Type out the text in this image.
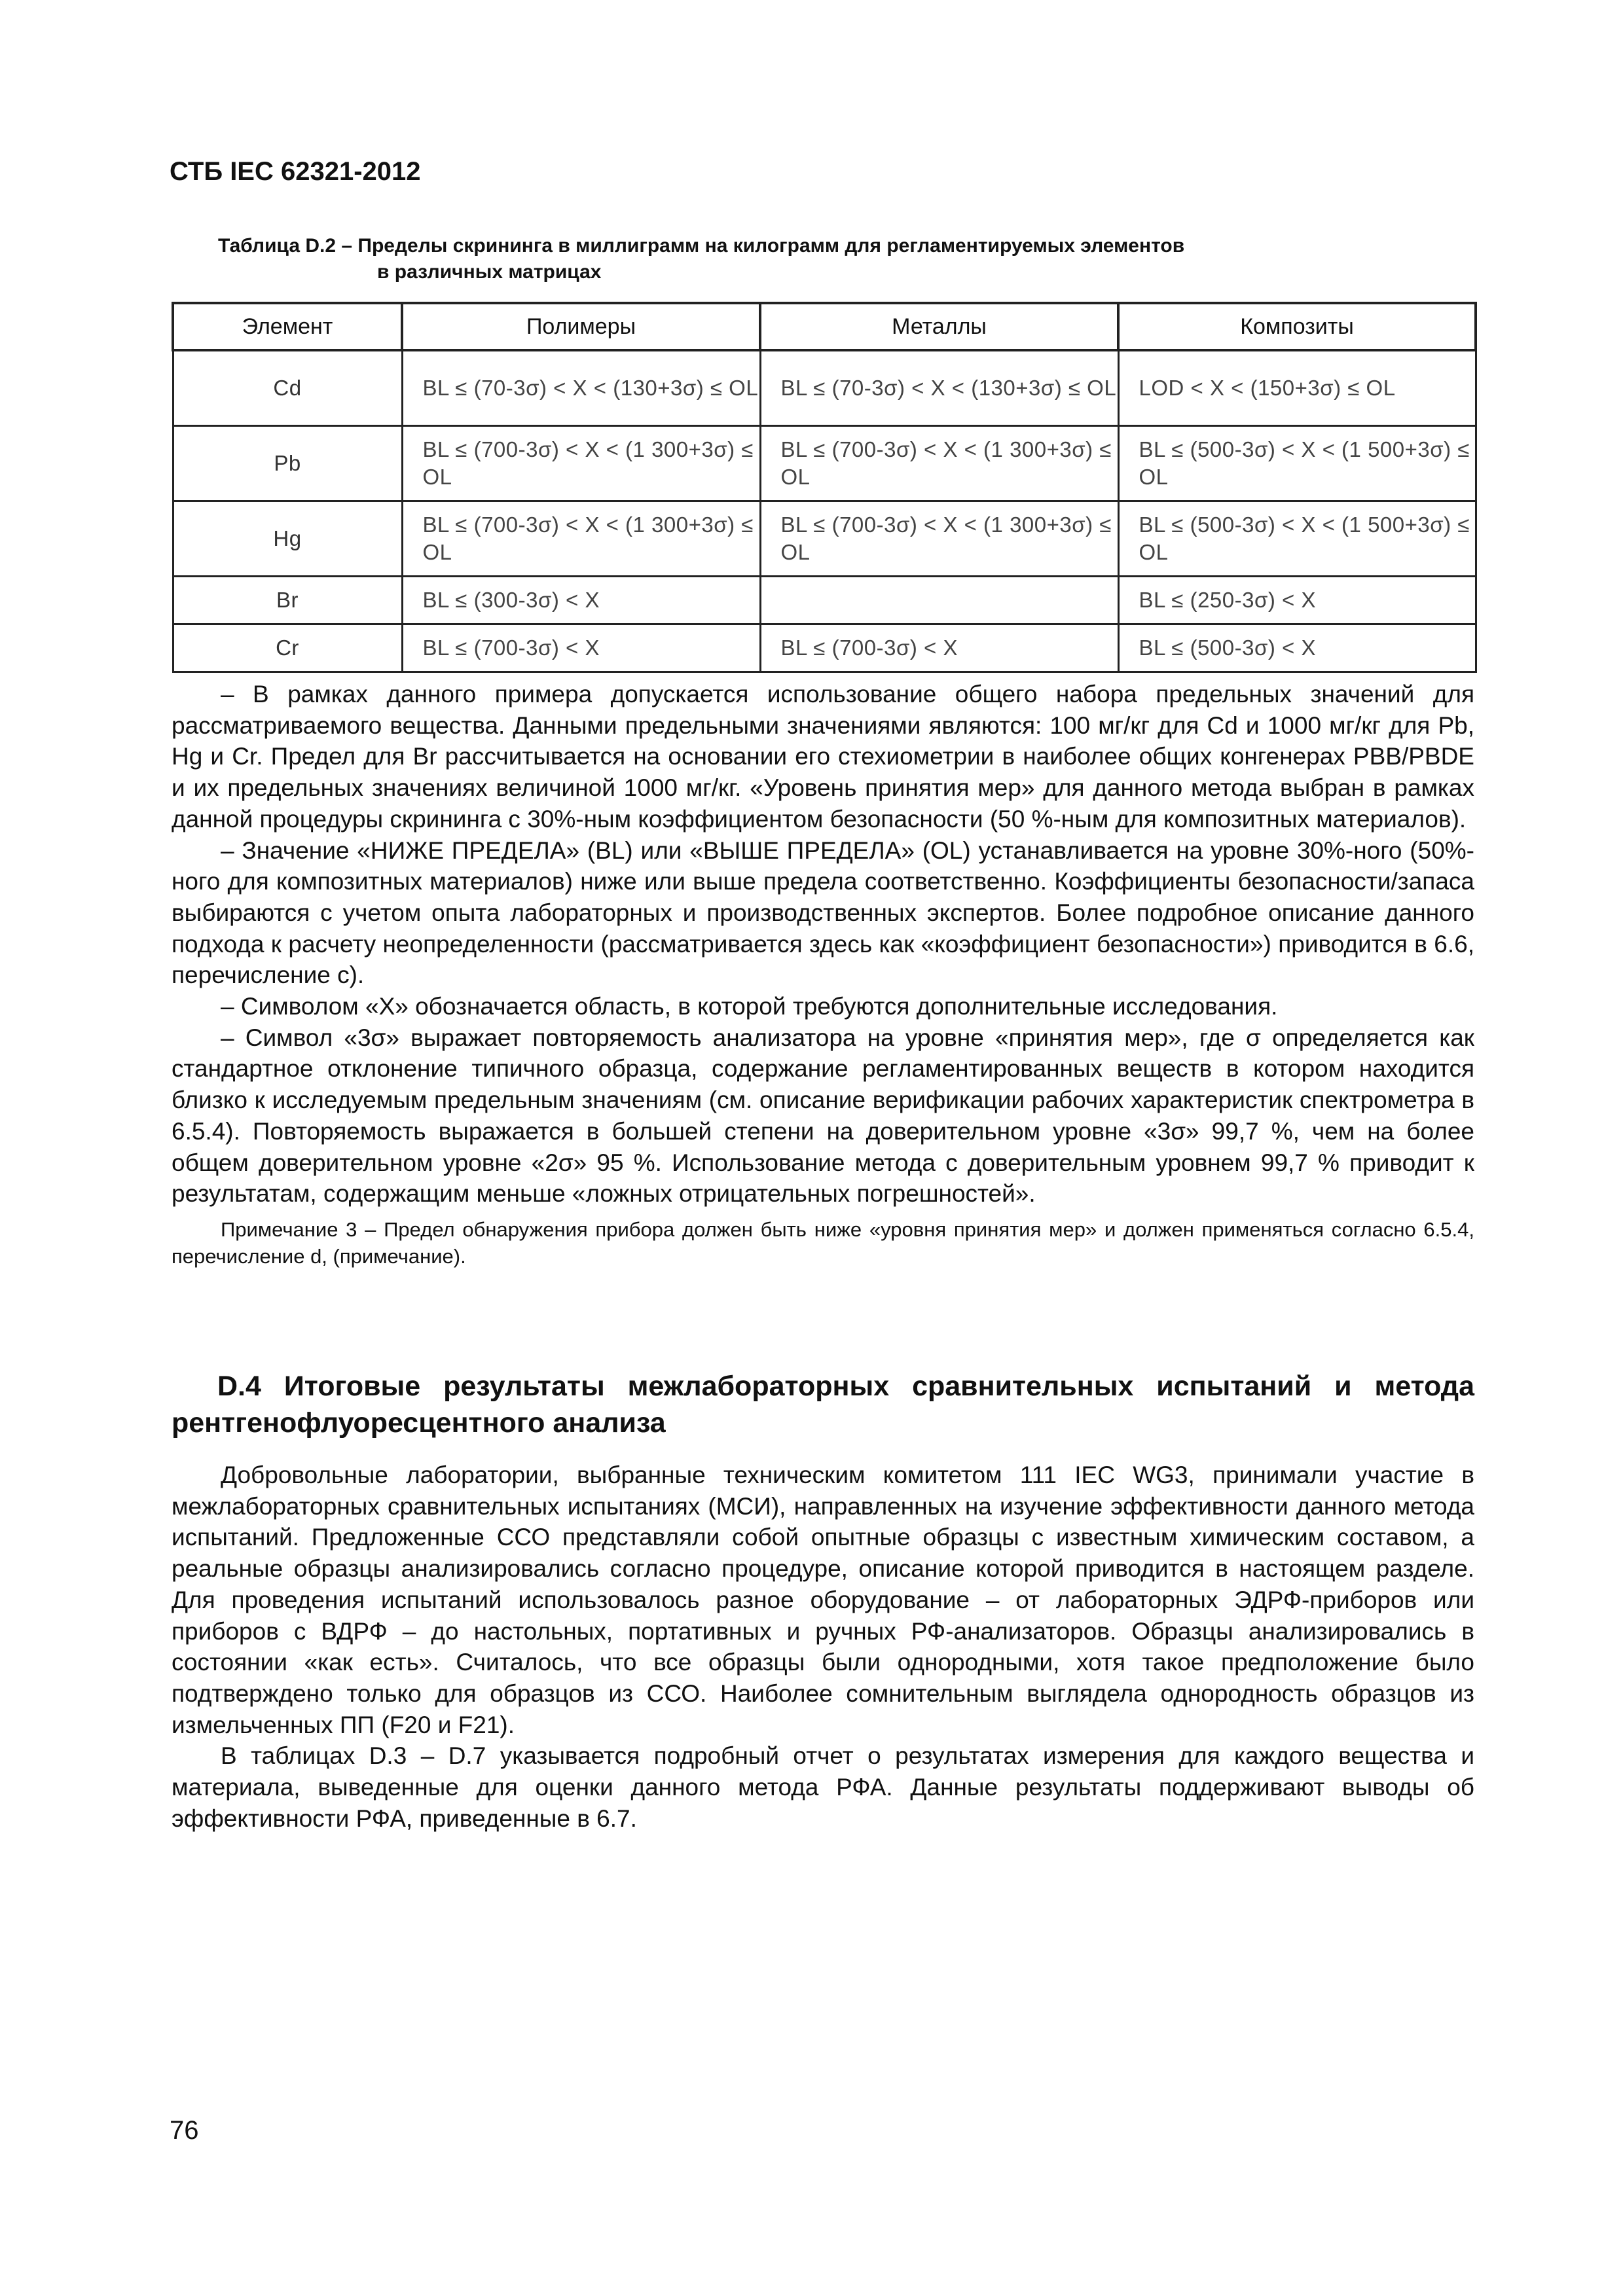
СТБ IEC 62321-2012
Таблица D.2 – Пределы скрининга в миллиграмм на килограмм для регламентируемых элементов
в различных матрицах
Элемент	Полимеры	Металлы	Композиты
Cd	BL ≤ (70-3σ) < X < (130+3σ) ≤ OL	BL ≤ (70-3σ) < X < (130+3σ) ≤ OL	LOD < X < (150+3σ) ≤ OL
Pb	BL ≤ (700-3σ) < X < (1 300+3σ) ≤ OL	BL ≤ (700-3σ) < X < (1 300+3σ) ≤ OL	BL ≤ (500-3σ) < X < (1 500+3σ) ≤ OL
Hg	BL ≤ (700-3σ) < X < (1 300+3σ) ≤ OL	BL ≤ (700-3σ) < X < (1 300+3σ) ≤ OL	BL ≤ (500-3σ) < X < (1 500+3σ) ≤ OL
Br	BL ≤ (300-3σ) < X		BL ≤ (250-3σ) < X
Cr	BL ≤ (700-3σ) < X	BL ≤ (700-3σ) < X	BL ≤ (500-3σ) < X

– В рамках данного примера допускается использование общего набора предельных значений для рассматриваемого вещества. Данными предельными значениями являются: 100 мг/кг для Cd и 1000 мг/кг для Pb, Hg и Cr. Предел для Br рассчитывается на основании его стехиометрии в наиболее общих конгенерах PBB/PBDE и их предельных значениях величиной 1000 мг/кг. «Уровень принятия мер» для данного метода выбран в рамках данной процедуры скрининга с 30%-ным коэффициентом безопасности (50 %-ным для композитных материалов).

– Значение «НИЖЕ ПРЕДЕЛА» (BL) или «ВЫШЕ ПРЕДЕЛА» (OL) устанавливается на уровне 30%-ного (50%-ного для композитных материалов) ниже или выше предела соответственно. Коэффициенты безопасности/запаса выбираются с учетом опыта лабораторных и производственных экспертов. Более подробное описание данного подхода к расчету неопределенности (рассматривается здесь как «коэффициент безопасности») приводится в 6.6, перечисление c).

– Символом «X» обозначается область, в которой требуются дополнительные исследования.

– Символ «3σ» выражает повторяемость анализатора на уровне «принятия мер», где σ определяется как стандартное отклонение типичного образца, содержание регламентированных веществ в котором находится близко к исследуемым предельным значениям (см. описание верификации рабочих характеристик спектрометра в 6.5.4). Повторяемость выражается в большей степени на доверительном уровне «3σ» 99,7 %, чем на более общем доверительном уровне «2σ» 95 %. Использование метода с доверительным уровнем 99,7 % приводит к результатам, содержащим меньше «ложных отрицательных погрешностей».

Примечание 3 – Предел обнаружения прибора должен быть ниже «уровня принятия мер» и должен применяться согласно 6.5.4, перечисление d, (примечание).
D.4 Итоговые результаты межлабораторных сравнительных испытаний и метода рентгенофлуоресцентного анализа

Добровольные лаборатории, выбранные техническим комитетом 111 IEC WG3, принимали участие в межлабораторных сравнительных испытаниях (МСИ), направленных на изучение эффективности данного метода испытаний. Предложенные ССО представляли собой опытные образцы с известным химическим составом, а реальные образцы анализировались согласно процедуре, описание которой приводится в настоящем разделе. Для проведения испытаний использовалось разное оборудование – от лабораторных ЭДРФ-приборов или приборов с ВДРФ – до настольных, портативных и ручных РФ-анализаторов. Образцы анализировались в состоянии «как есть». Считалось, что все образцы были однородными, хотя такое предположение было подтверждено только для образцов из ССО. Наиболее сомнительным выглядела однородность образцов из измельченных ПП (F20 и F21).

В таблицах D.3 – D.7 указывается подробный отчет о результатах измерения для каждого вещества и материала, выведенные для оценки данного метода РФА. Данные результаты поддерживают выводы об эффективности РФА, приведенные в 6.7.

76
